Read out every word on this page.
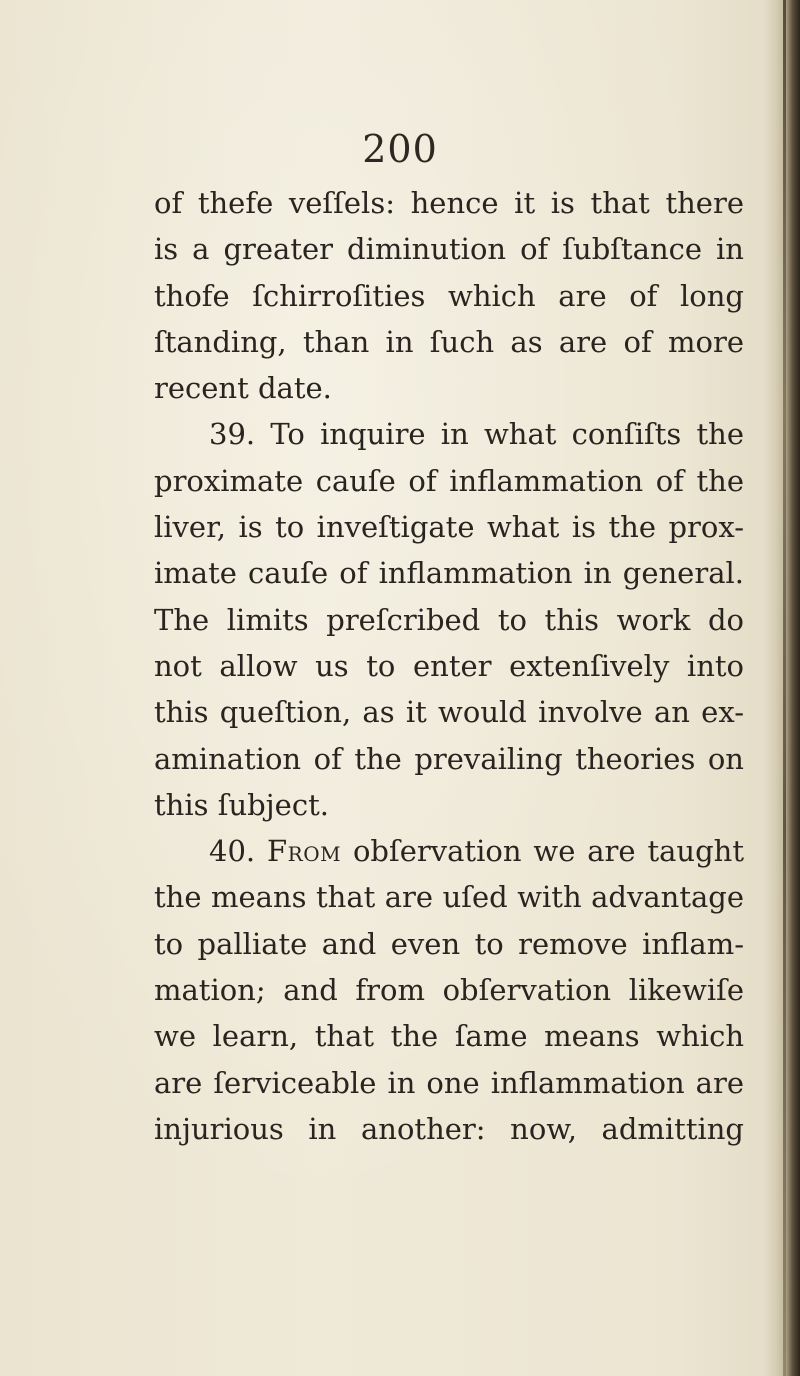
200
of thefe veſſels: hence it is that there
is a greater diminution of ſubſtance in
thofe ſchirroſities which are of long
ſtanding, than in ſuch as are of more
recent date.
39. To inquire in what conſiſts the
proximate cauſe of inflammation of the
liver, is to inveſtigate what is the prox-
imate cauſe of inflammation in general.
The limits preſcribed to this work do
not allow us to enter extenſively into
this queſtion, as it would involve an ex-
amination of the prevailing theories on
this ſubject.
40. From obſervation we are taught
the means that are uſed with advantage
to palliate and even to remove inflam-
mation; and from obſervation likewiſe
we learn, that the ſame means which
are ſerviceable in one inflammation are
injurious in another: now, admitting
